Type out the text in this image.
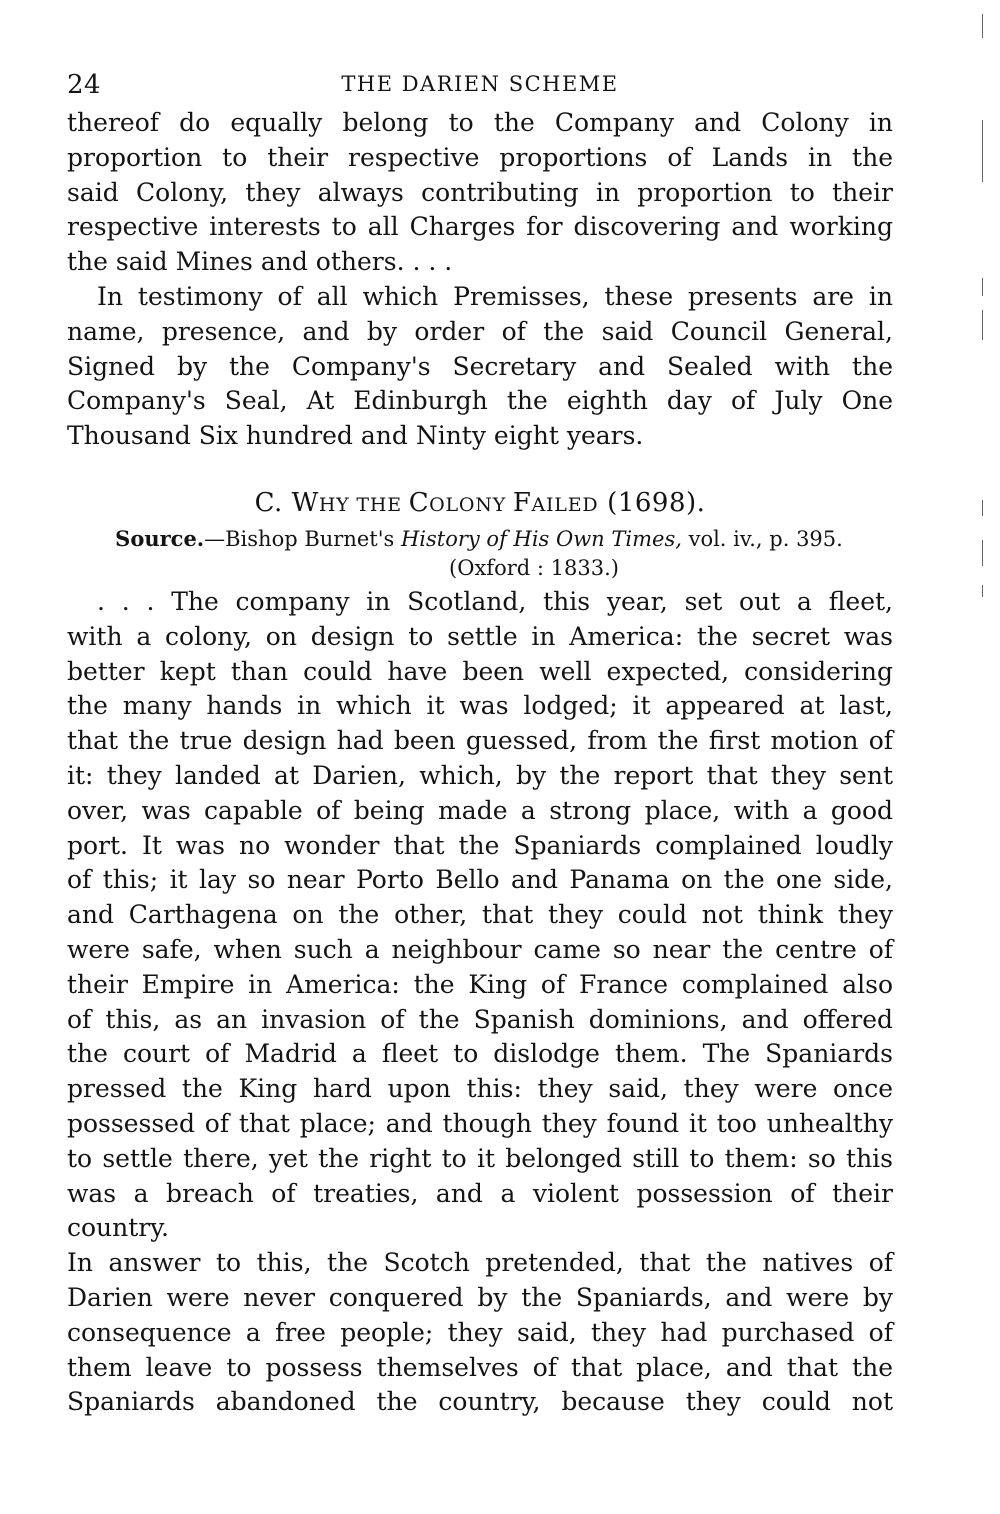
24	THE DARIEN SCHEME
thereof do equally belong to the Company and Colony in
proportion to their respective proportions of Lands in the
said Colony, they always contributing in proportion to their
respective interests to all Charges for discovering and working
the said Mines and others. . . .
In testimony of all which Premisses, these presents are in
name, presence, and by order of the said Council General,
Signed by the Company's Secretary and Sealed with the
Company's Seal, At Edinburgh the eighth day of July One
Thousand Six hundred and Ninty eight years.
C. WHY THE COLONY FAILED (1698).

Source.—Bishop Burnet's History of His Own Times, vol. iv., p. 395.
(Oxford : 1833.)

. . . The company in Scotland, this year, set out a fleet,
with a colony, on design to settle in America: the secret was
better kept than could have been well expected, considering
the many hands in which it was lodged; it appeared at last,
that the true design had been guessed, from the first motion of
it: they landed at Darien, which, by the report that they sent
over, was capable of being made a strong place, with a good
port. It was no wonder that the Spaniards complained loudly
of this; it lay so near Porto Bello and Panama on the one side,
and Carthagena on the other, that they could not think they
were safe, when such a neighbour came so near the centre of
their Empire in America: the King of France complained also
of this, as an invasion of the Spanish dominions, and offered
the court of Madrid a fleet to dislodge them. The Spaniards
pressed the King hard upon this: they said, they were once
possessed of that place; and though they found it too unhealthy
to settle there, yet the right to it belonged still to them: so this
was a breach of treaties, and a violent possession of their country.
In answer to this, the Scotch pretended, that the natives of
Darien were never conquered by the Spaniards, and were by
consequence a free people; they said, they had purchased of
them leave to possess themselves of that place, and that the
Spaniards abandoned the country, because they could not
